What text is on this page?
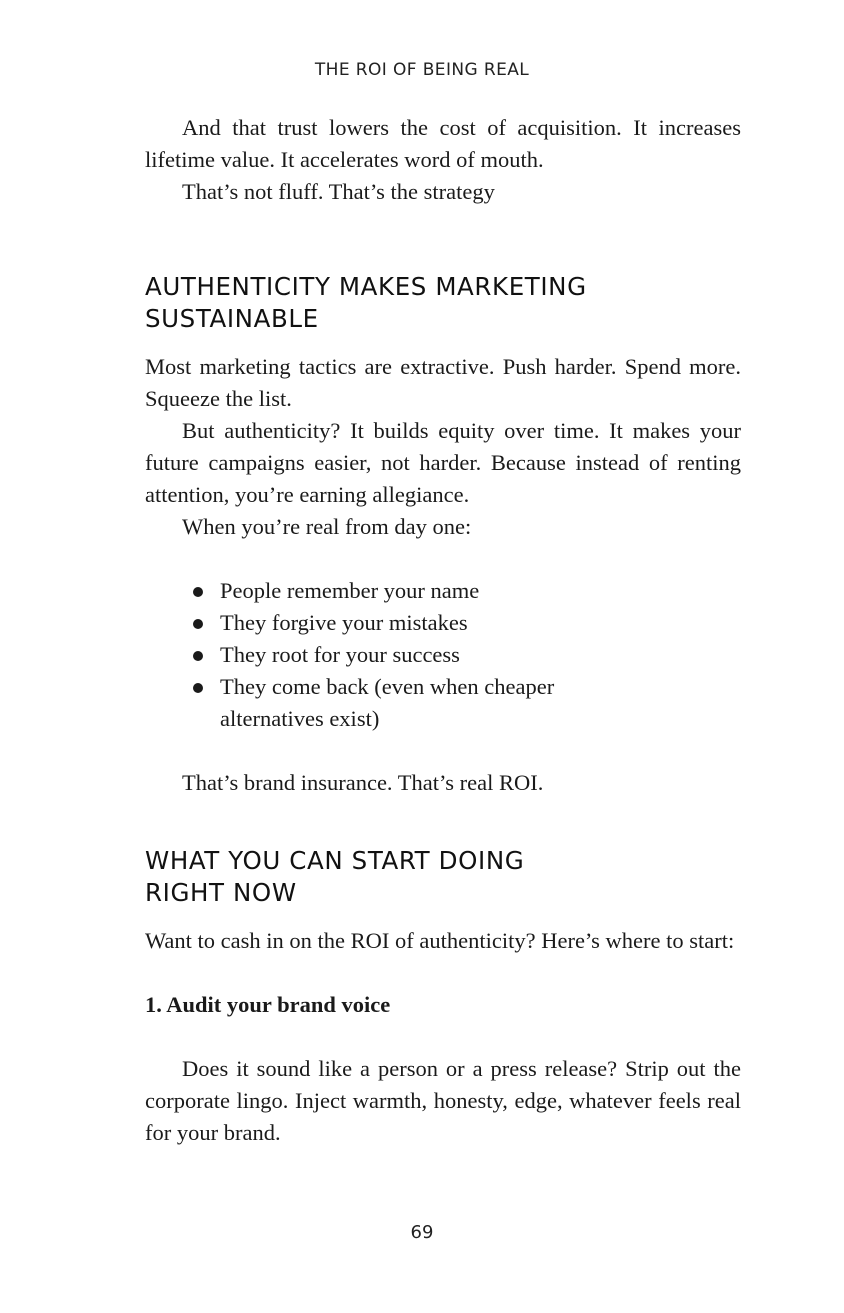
THE ROI OF BEING REAL

And that trust lowers the cost of acquisition. It increases lifetime value. It accelerates word of mouth.

That’s not fluff. That’s the strategy

AUTHENTICITY MAKES MARKETING
SUSTAINABLE

Most marketing tactics are extractive. Push harder. Spend more. Squeeze the list.

But authenticity? It builds equity over time. It makes your future campaigns easier, not harder. Because instead of renting attention, you’re earning allegiance.

When you’re real from day one:

People remember your name
They forgive your mistakes
They root for your success
They come back (even when cheaper alternatives exist)

That’s brand insurance. That’s real ROI.

WHAT YOU CAN START DOING
RIGHT NOW

Want to cash in on the ROI of authenticity? Here’s where to start:

1. Audit your brand voice

Does it sound like a person or a press release? Strip out the corporate lingo. Inject warmth, honesty, edge, whatever feels real for your brand.

69
